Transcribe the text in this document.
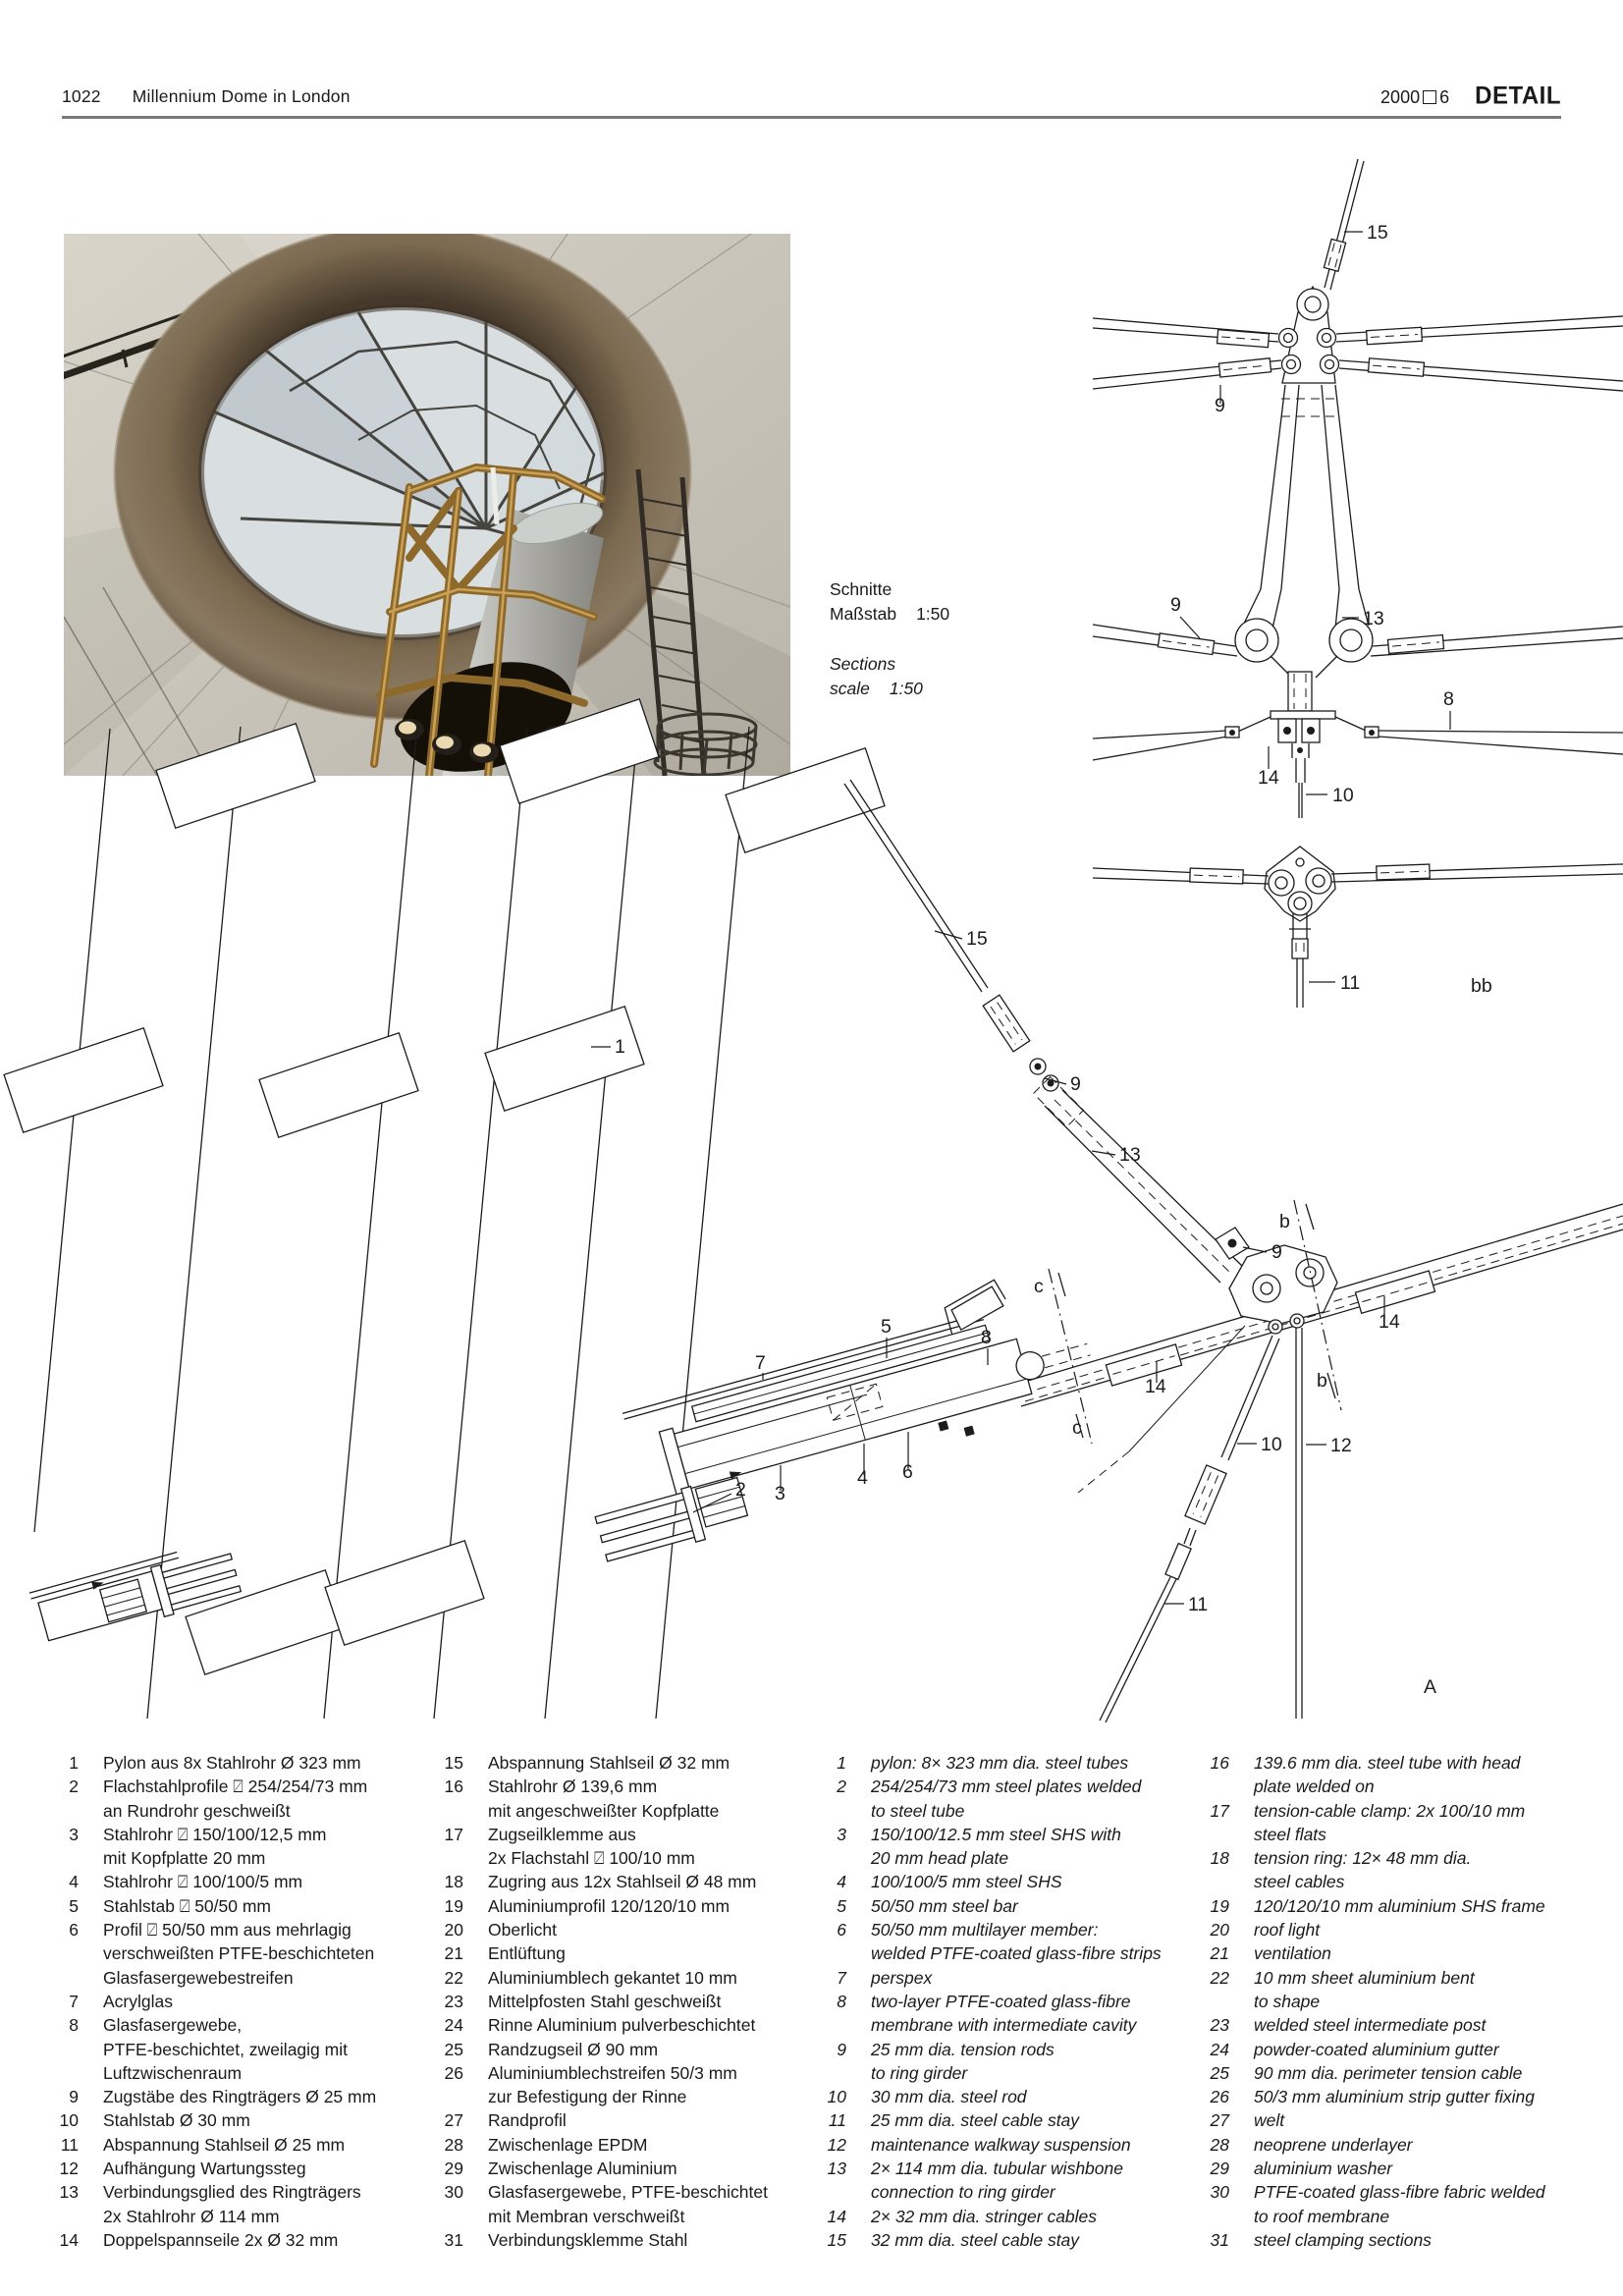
1022 Millennium Dome in London	2000 6 DETAIL
Schnitte
Maßstab 1:50
Sections
scale 1:50
15
9
9
13
8
14
10
11	bb
1
15
9
13
7
5	8
2 3
4 6
c
c
b
b
14
14
9
10	12
11
A
1 Pylon aus 8x Stahlrohr Ø 323 mm
2 Flachstahlprofile ⍁ 254/254/73 mm
an Rundrohr geschweißt
3 Stahlrohr ⍁ 150/100/12,5 mm
mit Kopfplatte 20 mm
4 Stahlrohr ⍁ 100/100/5 mm
5 Stahlstab ⍁ 50/50 mm
6 Profil ⍁ 50/50 mm aus mehrlagig
verschweißten PTFE-beschichteten
Glasfasergewebestreifen
7 Acrylglas
8 Glasfasergewebe,
PTFE-beschichtet, zweilagig mit
Luftzwischenraum
9 Zugstäbe des Ringträgers Ø 25 mm
10 Stahlstab Ø 30 mm
11 Abspannung Stahlseil Ø 25 mm
12 Aufhängung Wartungssteg
13 Verbindungsglied des Ringträgers
2x Stahlrohr Ø 114 mm
14 Doppelspannseile 2x Ø 32 mm
15 Abspannung Stahlseil Ø 32 mm
16 Stahlrohr Ø 139,6 mm
mit angeschweißter Kopfplatte
17 Zugseilklemme aus
2x Flachstahl ⍁ 100/10 mm
18 Zugring aus 12x Stahlseil Ø 48 mm
19 Aluminiumprofil 120/120/10 mm
20 Oberlicht
21 Entlüftung
22 Aluminiumblech gekantet 10 mm
23 Mittelpfosten Stahl geschweißt
24 Rinne Aluminium pulverbeschichtet
25 Randzugseil Ø 90 mm
26 Aluminiumblechstreifen 50/3 mm
zur Befestigung der Rinne
27 Randprofil
28 Zwischenlage EPDM
29 Zwischenlage Aluminium
30 Glasfasergewebe, PTFE-beschichtet
mit Membran verschweißt
31 Verbindungsklemme Stahl
1 pylon: 8× 323 mm dia. steel tubes
2 254/254/73 mm steel plates welded
to steel tube
3 150/100/12.5 mm steel SHS with
20 mm head plate
4 100/100/5 mm steel SHS
5 50/50 mm steel bar
6 50/50 mm multilayer member:
welded PTFE-coated glass-fibre strips
7 perspex
8 two-layer PTFE-coated glass-fibre
membrane with intermediate cavity
9 25 mm dia. tension rods
to ring girder
10 30 mm dia. steel rod
11 25 mm dia. steel cable stay
12 maintenance walkway suspension
13 2× 114 mm dia. tubular wishbone
connection to ring girder
14 2× 32 mm dia. stringer cables
15 32 mm dia. steel cable stay
16 139.6 mm dia. steel tube with head
plate welded on
17 tension-cable clamp: 2x 100/10 mm
steel flats
18 tension ring: 12× 48 mm dia.
steel cables
19 120/120/10 mm aluminium SHS frame
20 roof light
21 ventilation
22 10 mm sheet aluminium bent
to shape
23 welded steel intermediate post
24 powder-coated aluminium gutter
25 90 mm dia. perimeter tension cable
26 50/3 mm aluminium strip gutter fixing
27 welt
28 neoprene underlayer
29 aluminium washer
30 PTFE-coated glass-fibre fabric welded
to roof membrane
31 steel clamping sections
